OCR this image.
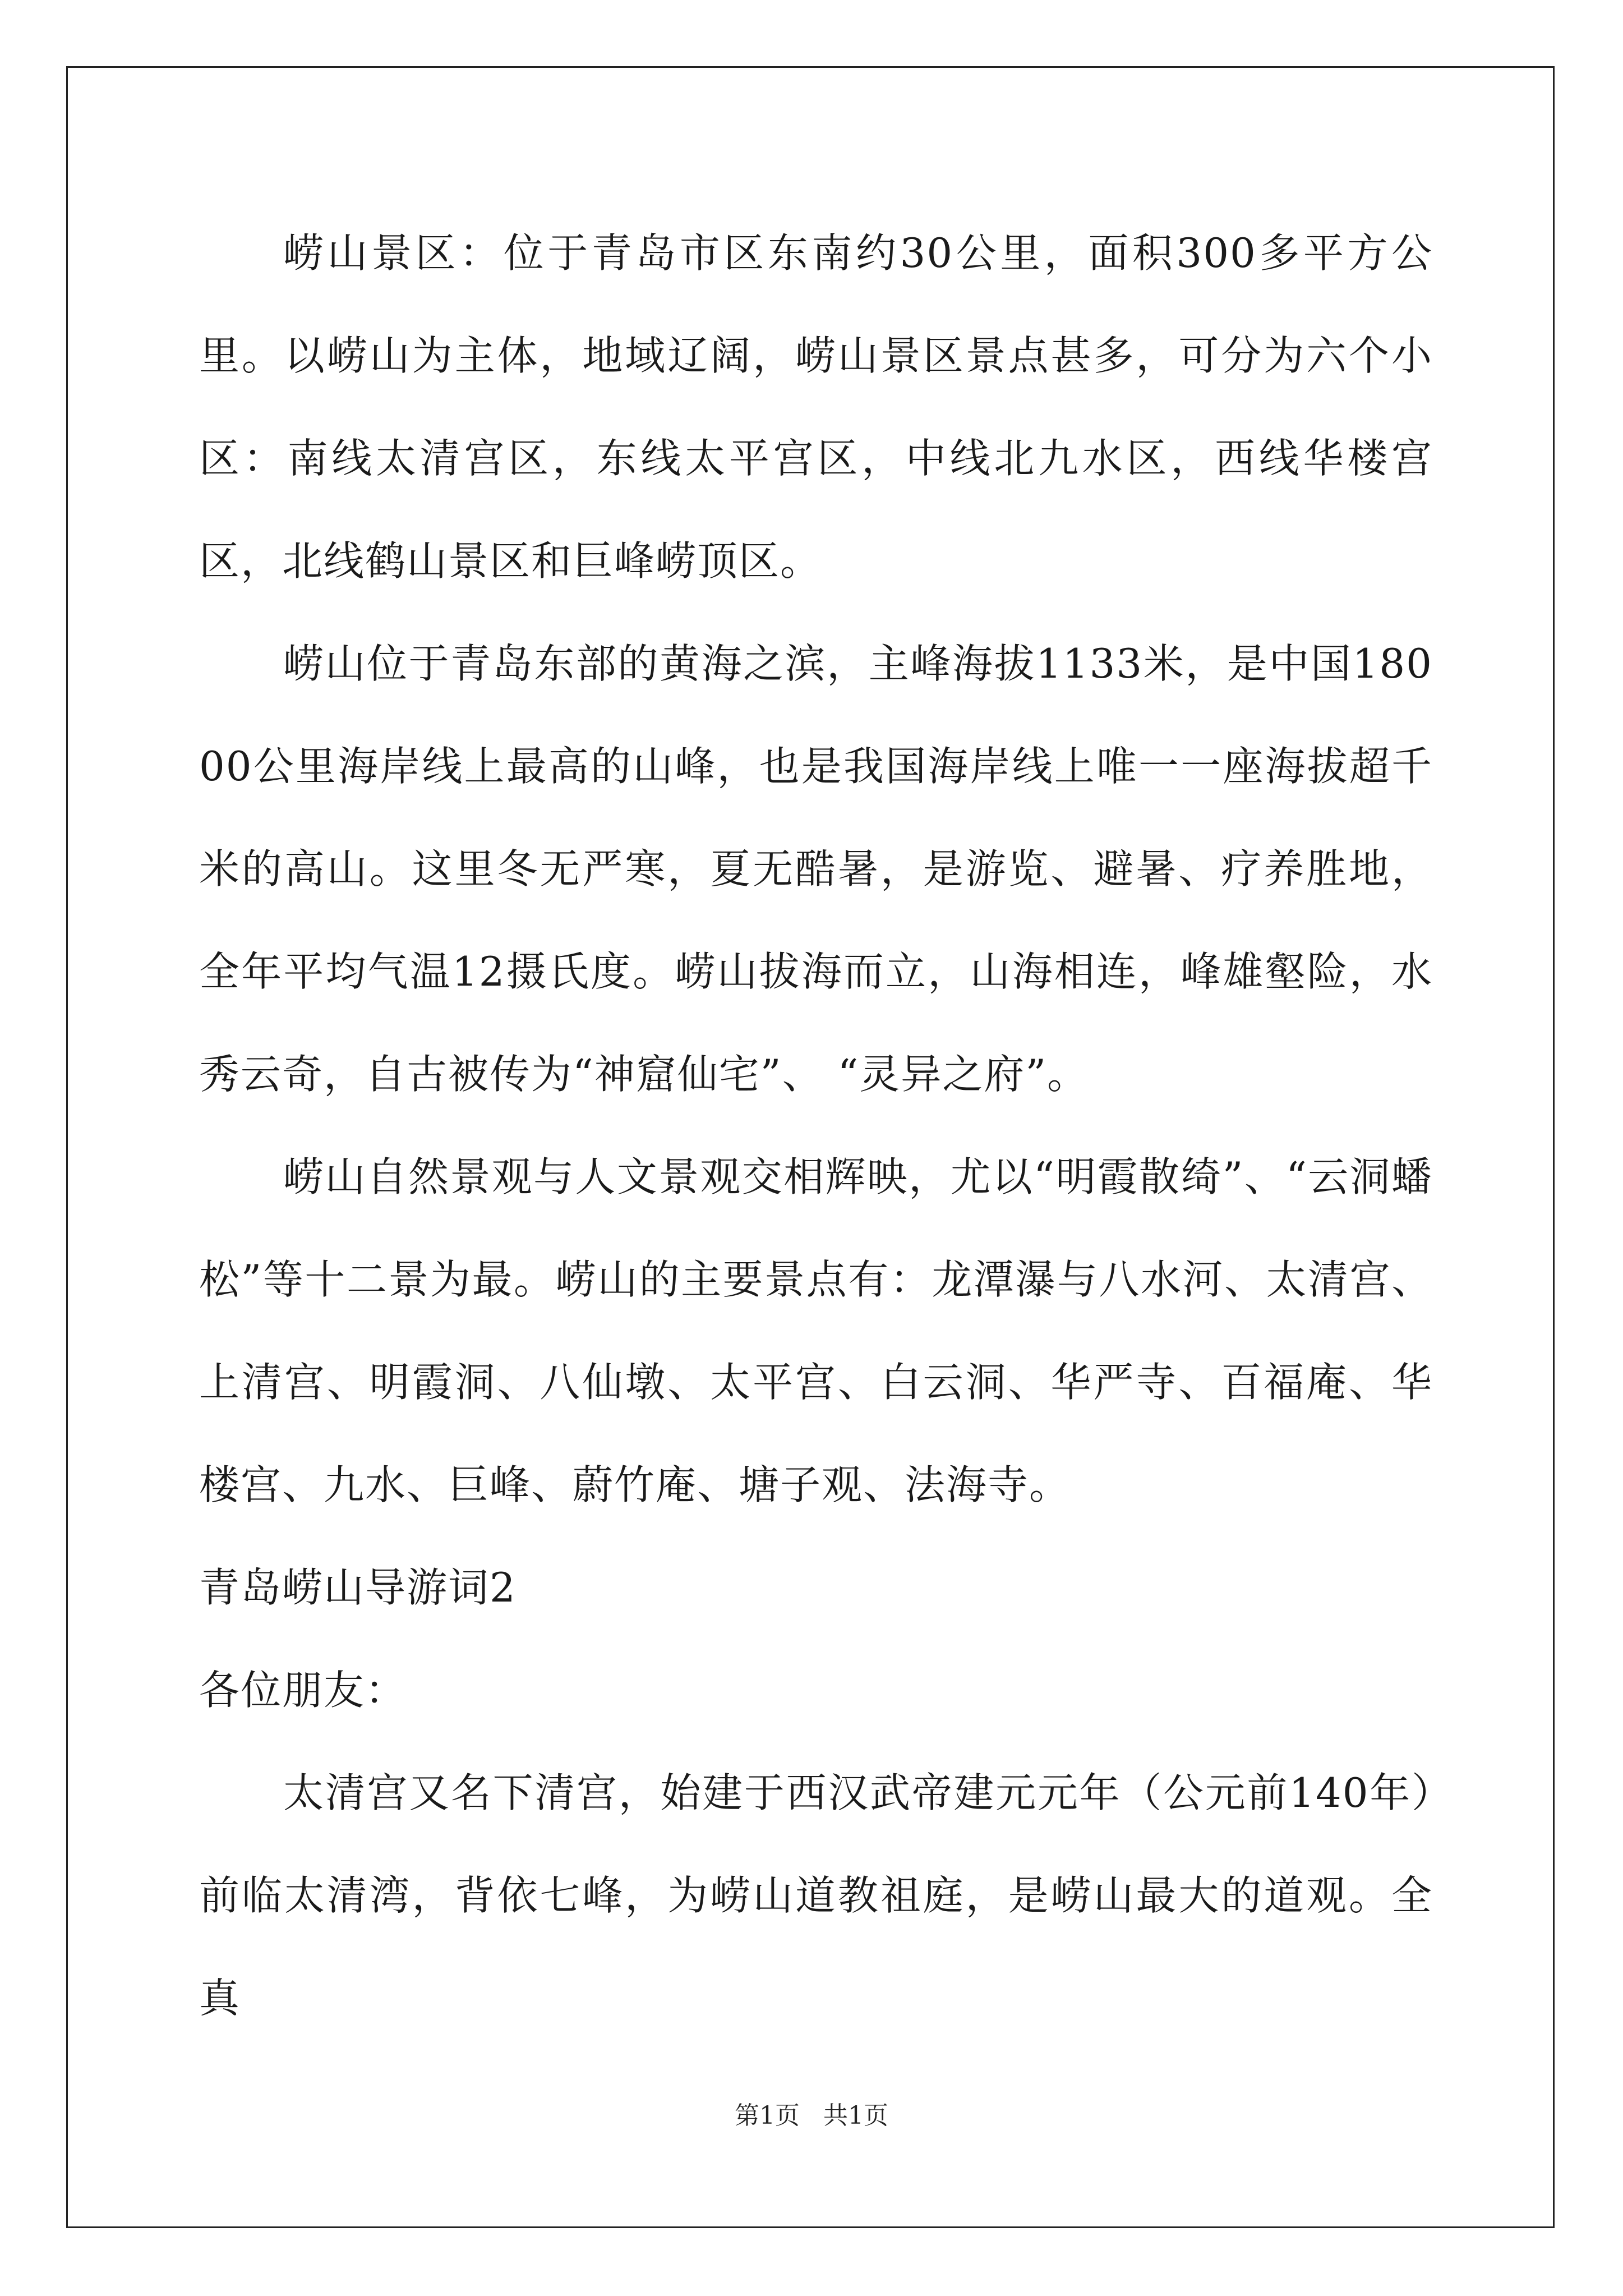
崂山景区：位于青岛市区东南约30公里，面积300多平方公里。以崂山为主体，地域辽阔，崂山景区景点甚多，可分为六个小区：南线太清宫区，东线太平宫区，中线北九水区，西线华楼宫区，北线鹤山景区和巨峰崂顶区。

崂山位于青岛东部的黄海之滨，主峰海拔1133米，是中国18000公里海岸线上最高的山峰，也是我国海岸线上唯一一座海拔超千米的高山。这里冬无严寒，夏无酷暑，是游览、避暑、疗养胜地，全年平均气温12摄氏度。崂山拔海而立，山海相连，峰雄壑险，水秀云奇，自古被传为“神窟仙宅”、 “灵异之府”。

崂山自然景观与人文景观交相辉映，尤以“明霞散绮”、“云洞蟠松”等十二景为最。崂山的主要景点有：龙潭瀑与八水河、太清宫、上清宫、明霞洞、八仙墩、太平宫、白云洞、华严寺、百福庵、华楼宫、九水、巨峰、蔚竹庵、塘子观、法海寺。

青岛崂山导游词2

各位朋友：

太清宫又名下清宫，始建于西汉武帝建元元年（公元前140年）前临太清湾，背依七峰，为崂山道教祖庭，是崂山最大的道观。全真

第1页   共1页
